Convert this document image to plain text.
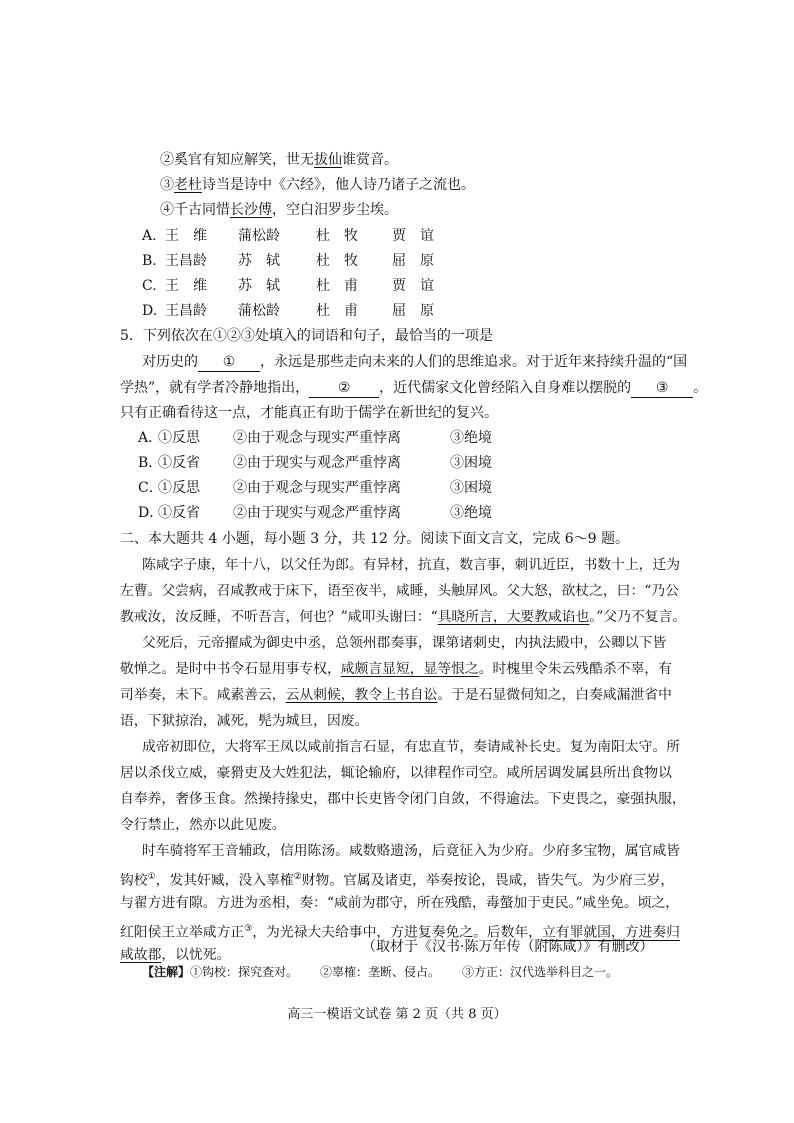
②奚官有知应解笑，世无拔仙谁赏音。
③老杜诗当是诗中《六经》，他人诗乃诸子之流也。
④千古同惜长沙傅，空白汨罗步尘埃。
A. 王　维 蒲松龄	杜　牧 贾　谊
B. 王昌龄 苏　轼	杜　牧 屈　原
C. 王　维 苏　轼	杜　甫 贾　谊
D. 王昌龄 蒲松龄	杜　甫 屈　原
5．下列依次在①②③处填入的词语和句子，最恰当的一项是
对历史的 ① ，永远是那些走向未来的人们的思维追求。对于近年来持续升温的“国
学热”，就有学者冷静地指出， ② ，近代儒家文化曾经陷入自身难以摆脱的 ③ 。
只有正确看待这一点，才能真正有助于儒学在新世纪的复兴。
A．
①反思 ②由于观念与现实严重悖离	③绝境
B．
①反省 ②由于现实与观念严重悖离	③困境
C．
①反思 ②由于观念与现实严重悖离	③困境
D．
①反省 ②由于现实与观念严重悖离	③绝境
二、本大题共 4 小题，每小题 3 分，共 12 分。阅读下面文言文，完成 6～9 题。
陈咸字子康，年十八，以父任为郎。有异材，抗直，数言事，刺讥近臣，书数十上，迁为
左曹。父尝病，召咸教戒于床下，语至夜半，咸睡，头触屏风。父大怒，欲杖之，曰：“乃公
教戒汝，汝反睡，不听吾言，何也？”咸叩头谢曰：“具晓所言，大要教咸谄也。”父乃不复言。
父死后，元帝擢咸为御史中丞，总领州郡奏事，课第诸刺史，内执法殿中，公卿以下皆
敬惮之。是时中书令石显用事专权，咸颇言显短，显等恨之。时槐里令朱云残酷杀不辜，有
司举奏，未下。咸素善云，云从刺候，教令上书自讼。于是石显微伺知之，白奏咸漏泄省中
语，下狱掠治，减死，髡为城旦，因废。
成帝初即位，大将军王凤以咸前指言石显，有忠直节，奏请咸补长史。复为南阳太守。所
居以杀伐立威，豪猾吏及大姓犯法，辄论输府，以律程作司空。咸所居调发属县所出食物以
自奉养，奢侈玉食。然操持掾史，郡中长吏皆令闭门自敛，不得逾法。下吏畏之，豪强执服，
令行禁止，然亦以此见废。
时车骑将军王音辅政，信用陈汤。咸数赂遗汤，后竟征入为少府。少府多宝物，属官咸皆
钩校①，发其奸臧，没入辜榷②财物。官属及诸吏，举奏按论，畏咸，皆失气。为少府三岁，
与翟方进有隙。方进为丞相，奏：“咸前为郡守，所在残酷，毒螫加于吏民。”咸坐免。顷之，
红阳侯王立举咸方正③，为光禄大夫给事中，方进复奏免之。后数年，立有罪就国，方进奏归
咸故郡，以忧死。	（取材于《汉书·陈万年传（附陈咸）》有删改）
【注解】①钩校：探究查对。 ②辜榷：垄断、侵占。 ③方正：汉代选举科目之一。
高三一模语文试卷 第 2 页（共 8 页）
